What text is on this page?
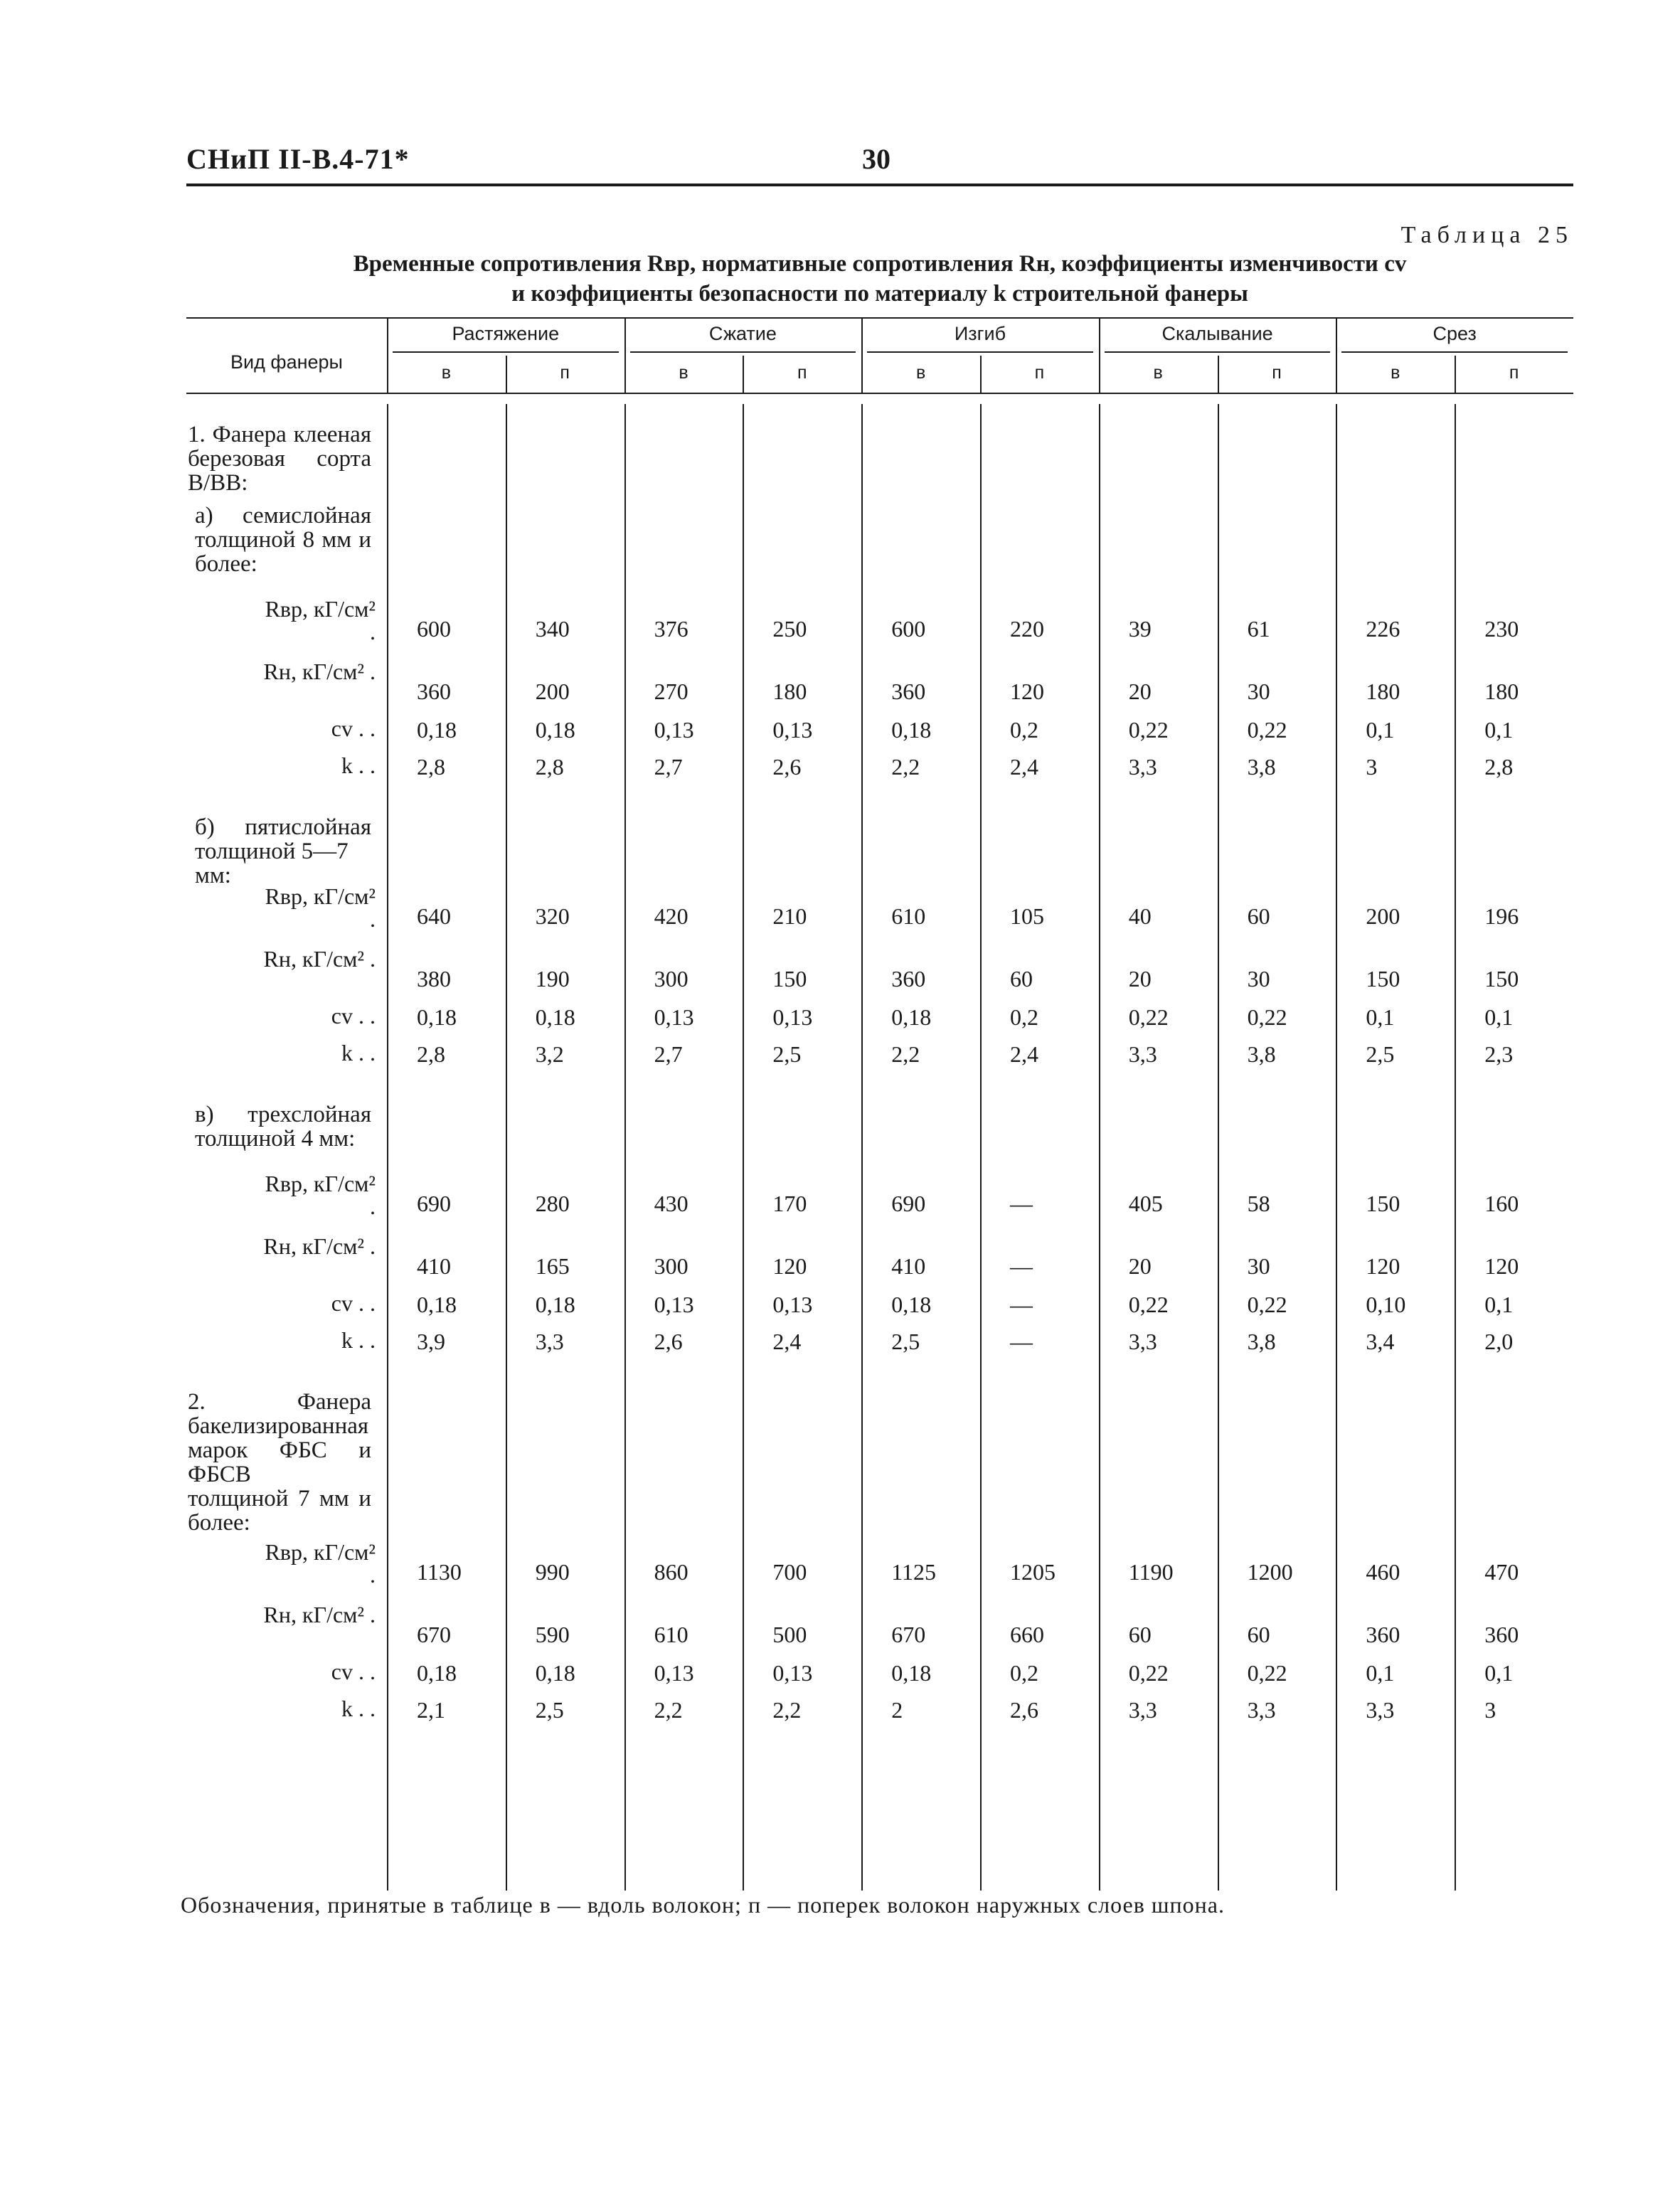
СНиП II-В.4-71*	30
Таблица 25
Временные сопротивления Rвр, нормативные сопротивления Rн, коэффициенты изменчивости cv
и коэффициенты безопасности по материалу k строительной фанеры
Вид фанеры
Растяжение
в	п
Сжатие
в	п
Изгиб
в	п
Скалывание
в	п
Срез
в	п
1. Фанера клееная
березовая сорта
В/ВВ:
а) семислойная
толщиной 8 мм и
более:
Rвр, кГ/см² . 600	340	376	250	600	220	39	61	226	230
Rн, кГ/см² .
360	200	270	180	360	120	20	30	180	180
cv . . 0,18	0,18	0,13	0,13	0,18	0,2	0,22	0,22	0,1	0,1
k . . 2,8	2,8	2,7	2,6	2,2	2,4	3,3	3,8	3	2,8
б) пятислойная
толщиной 5—7 мм:
Rвр, кГ/см² . 640	320	420	210	610	105	40	60	200	196
Rн, кГ/см² .
380	190	300	150	360	60	20	30	150	150
cv . . 0,18	0,18	0,13	0,13	0,18	0,2	0,22	0,22	0,1	0,1
k . . 2,8	3,2	2,7	2,5	2,2	2,4	3,3	3,8	2,5	2,3
в) трехслойная
толщиной 4 мм:
Rвр, кГ/см² . 690	280	430	170	690	—	405	58	150	160
Rн, кГ/см² .
410	165	300	120	410	—	20	30	120	120
cv . . 0,18	0,18	0,13	0,13	0,18	—	0,22	0,22	0,10	0,1
k . . 3,9	3,3	2,6	2,4	2,5	—	3,3	3,8	3,4	2,0
2. Фанера
бакелизированная
марок ФБС и ФБСВ
толщиной 7 мм и
более:
Rвр, кГ/см² . 1130	990	860	700	1125	1205	1190	1200	460	470
Rн, кГ/см² .
670	590	610	500	670	660	60	60	360	360
cv . . 0,18	0,18	0,13	0,13	0,18	0,2	0,22	0,22	0,1	0,1
k . . 2,1	2,5	2,2	2,2	2	2,6	3,3	3,3	3,3	3
Обозначения, принятые в таблице в — вдоль волокон; п — поперек волокон наружных слоев шпона.
